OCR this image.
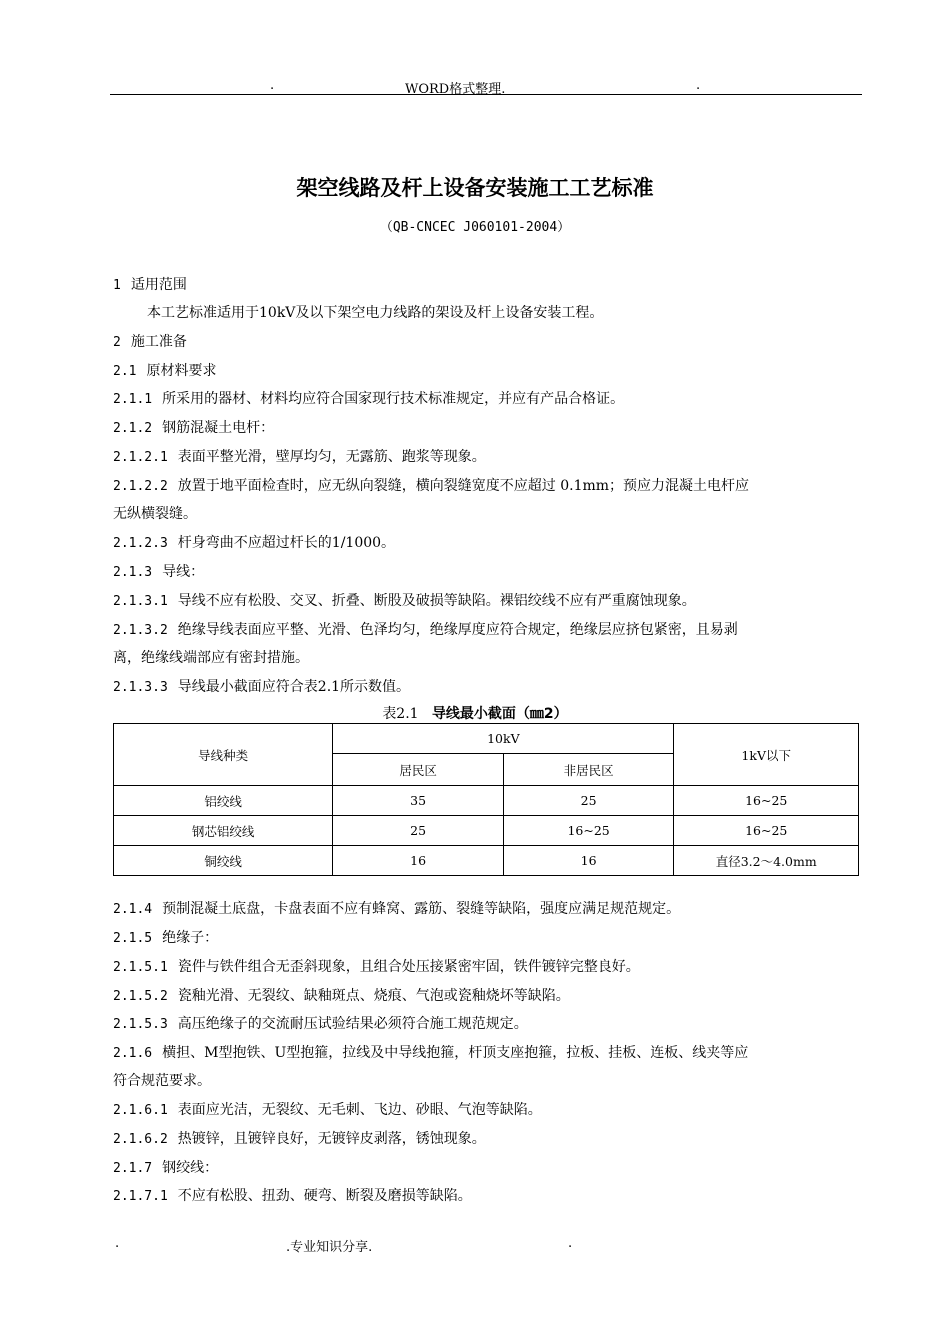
.	WORD格式整理.	.
架空线路及杆上设备安装施工工艺标准
（QB-CNCEC J060101-2004）
1 适用范围
本工艺标准适用于10kV及以下架空电力线路的架设及杆上设备安装工程。
2 施工准备
2.1 原材料要求
2.1.1 所采用的器材、材料均应符合国家现行技术标准规定，并应有产品合格证。
2.1.2 钢筋混凝土电杆：
2.1.2.1 表面平整光滑，壁厚均匀，无露筋、跑浆等现象。
2.1.2.2 放置于地平面检查时，应无纵向裂缝，横向裂缝宽度不应超过 0.1mm；预应力混凝土电杆应
无纵横裂缝。
2.1.2.3 杆身弯曲不应超过杆长的1/1000。
2.1.3 导线：
2.1.3.1 导线不应有松股、交叉、折叠、断股及破损等缺陷。裸铝绞线不应有严重腐蚀现象。
2.1.3.2 绝缘导线表面应平整、光滑、色泽均匀，绝缘厚度应符合规定，绝缘层应挤包紧密，且易剥
离，绝缘线端部应有密封措施。
2.1.3.3 导线最小截面应符合表2.1所示数值。
2.1.4 预制混凝土底盘，卡盘表面不应有蜂窝、露筋、裂缝等缺陷，强度应满足规范规定。
2.1.5 绝缘子：
2.1.5.1 瓷件与铁件组合无歪斜现象，且组合处压接紧密牢固，铁件镀锌完整良好。
2.1.5.2 瓷釉光滑、无裂纹、缺釉斑点、烧痕、气泡或瓷釉烧坏等缺陷。
2.1.5.3 高压绝缘子的交流耐压试验结果必须符合施工规范规定。
2.1.6 横担、M型抱铁、U型抱箍，拉线及中导线抱箍，杆顶支座抱箍，拉板、挂板、连板、线夹等应
符合规范要求。
2.1.6.1 表面应光洁，无裂纹、无毛刺、飞边、砂眼、气泡等缺陷。
2.1.6.2 热镀锌，且镀锌良好，无镀锌皮剥落，锈蚀现象。
2.1.7 钢绞线：
2.1.7.1 不应有松股、扭劲、硬弯、断裂及磨损等缺陷。
表2.1 导线最小截面（㎜2）
导线种类	10kV		1kV以下
	居民区	非居民区	
铝绞线	35	25	16~25
钢芯铝绞线	25	16~25	16~25
铜绞线	16	16	直径3.2～4.0mm
.	.专业知识分享.	.
